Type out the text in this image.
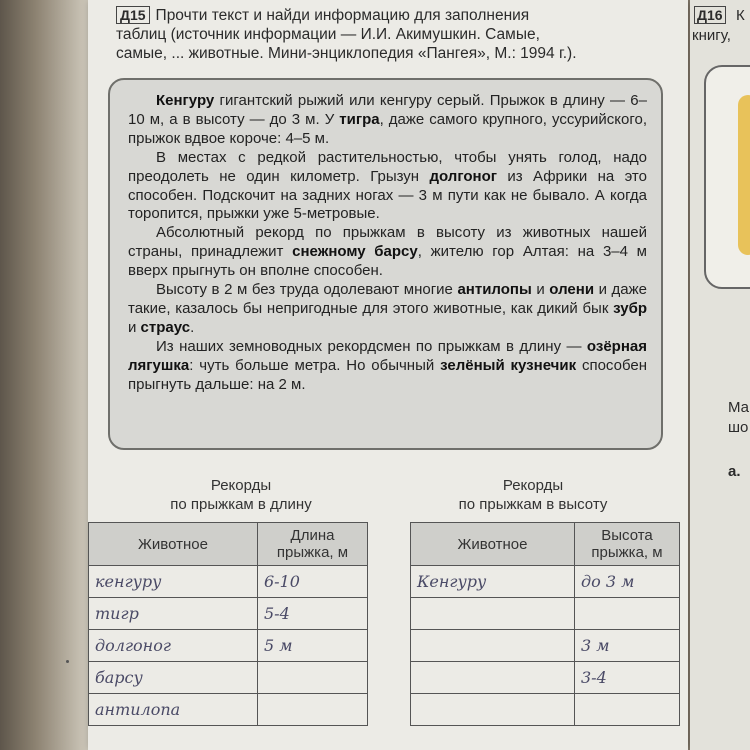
Д15 Прочти текст и найди информацию для заполнения
таблиц (источник информации — И.И. Акимушкин. Самые,
самые, ... животные. Мини-энциклопедия «Пангея», М.: 1994 г.).

Кенгуру гигантский рыжий или кенгуру серый. Прыжок в длину — 6–10 м, а в высоту — до 3 м. У тигра, даже самого крупного, уссурийского, прыжок вдвое короче: 4–5 м.

В местах с редкой растительностью, чтобы унять голод, надо преодолеть не один километр. Грызун долгоног из Африки на это способен. Подскочит на задних ногах — 3 м пути как не бывало. А когда торопится, прыжки уже 5-метровые.

Абсолютный рекорд по прыжкам в высоту из животных нашей страны, принадлежит снежному барсу, жителю гор Алтая: на 3–4 м вверх прыгнуть он вполне способен.

Высоту в 2 м без труда одолевают многие антилопы и олени и даже такие, казалось бы непригодные для этого животные, как дикий бык зубр и страус.

Из наших земноводных рекордсмен по прыжкам в длину — озёрная лягушка: чуть больше метра. Но обычный зелёный кузнечик способен прыгнуть дальше: на 2 м.

Рекорды
по прыжкам в длину
Животное	Длина
прыжка, м
кенгуру	6-10
тигр	5-4
долгоног	5 м
барсу	
антилопа	
Рекорды
по прыжкам в высоту
Животное	Высота
прыжка, м
Кенгуру	до 3 м

	3 м
	3-4

Д16 К
книгу,
Ма
шо
а.
